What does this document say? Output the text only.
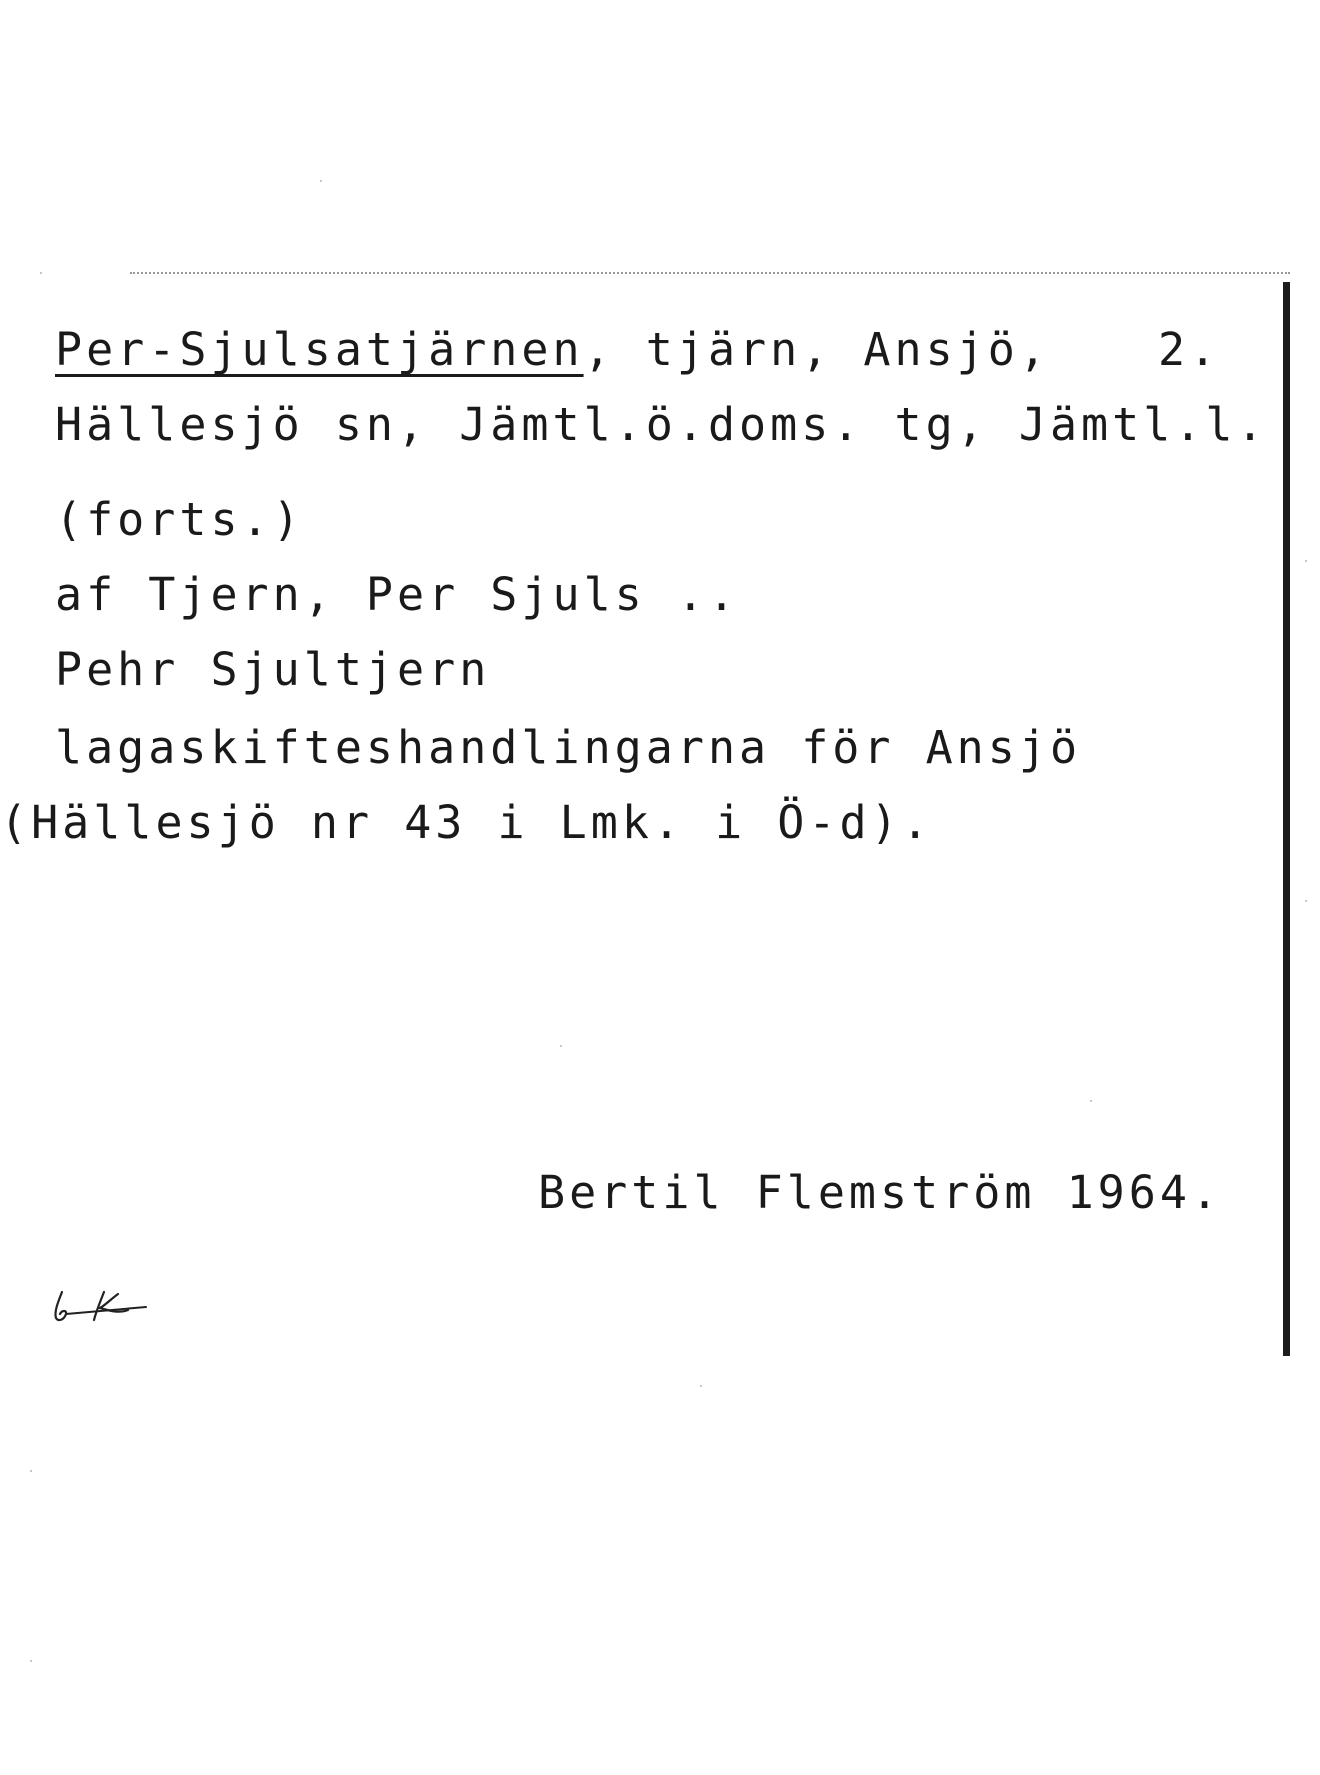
Per-Sjulsatjärnen, tjärn, Ansjö, 2.
Hällesjö sn, Jämtl.ö.doms. tg, Jämtl.l.
(forts.)
af Tjern, Per Sjuls ..
Pehr Sjultjern
lagaskifteshandlingarna för Ansjö
(Hällesjö nr 43 i Lmk. i Ö-d).
Bertil Flemström 1964.
